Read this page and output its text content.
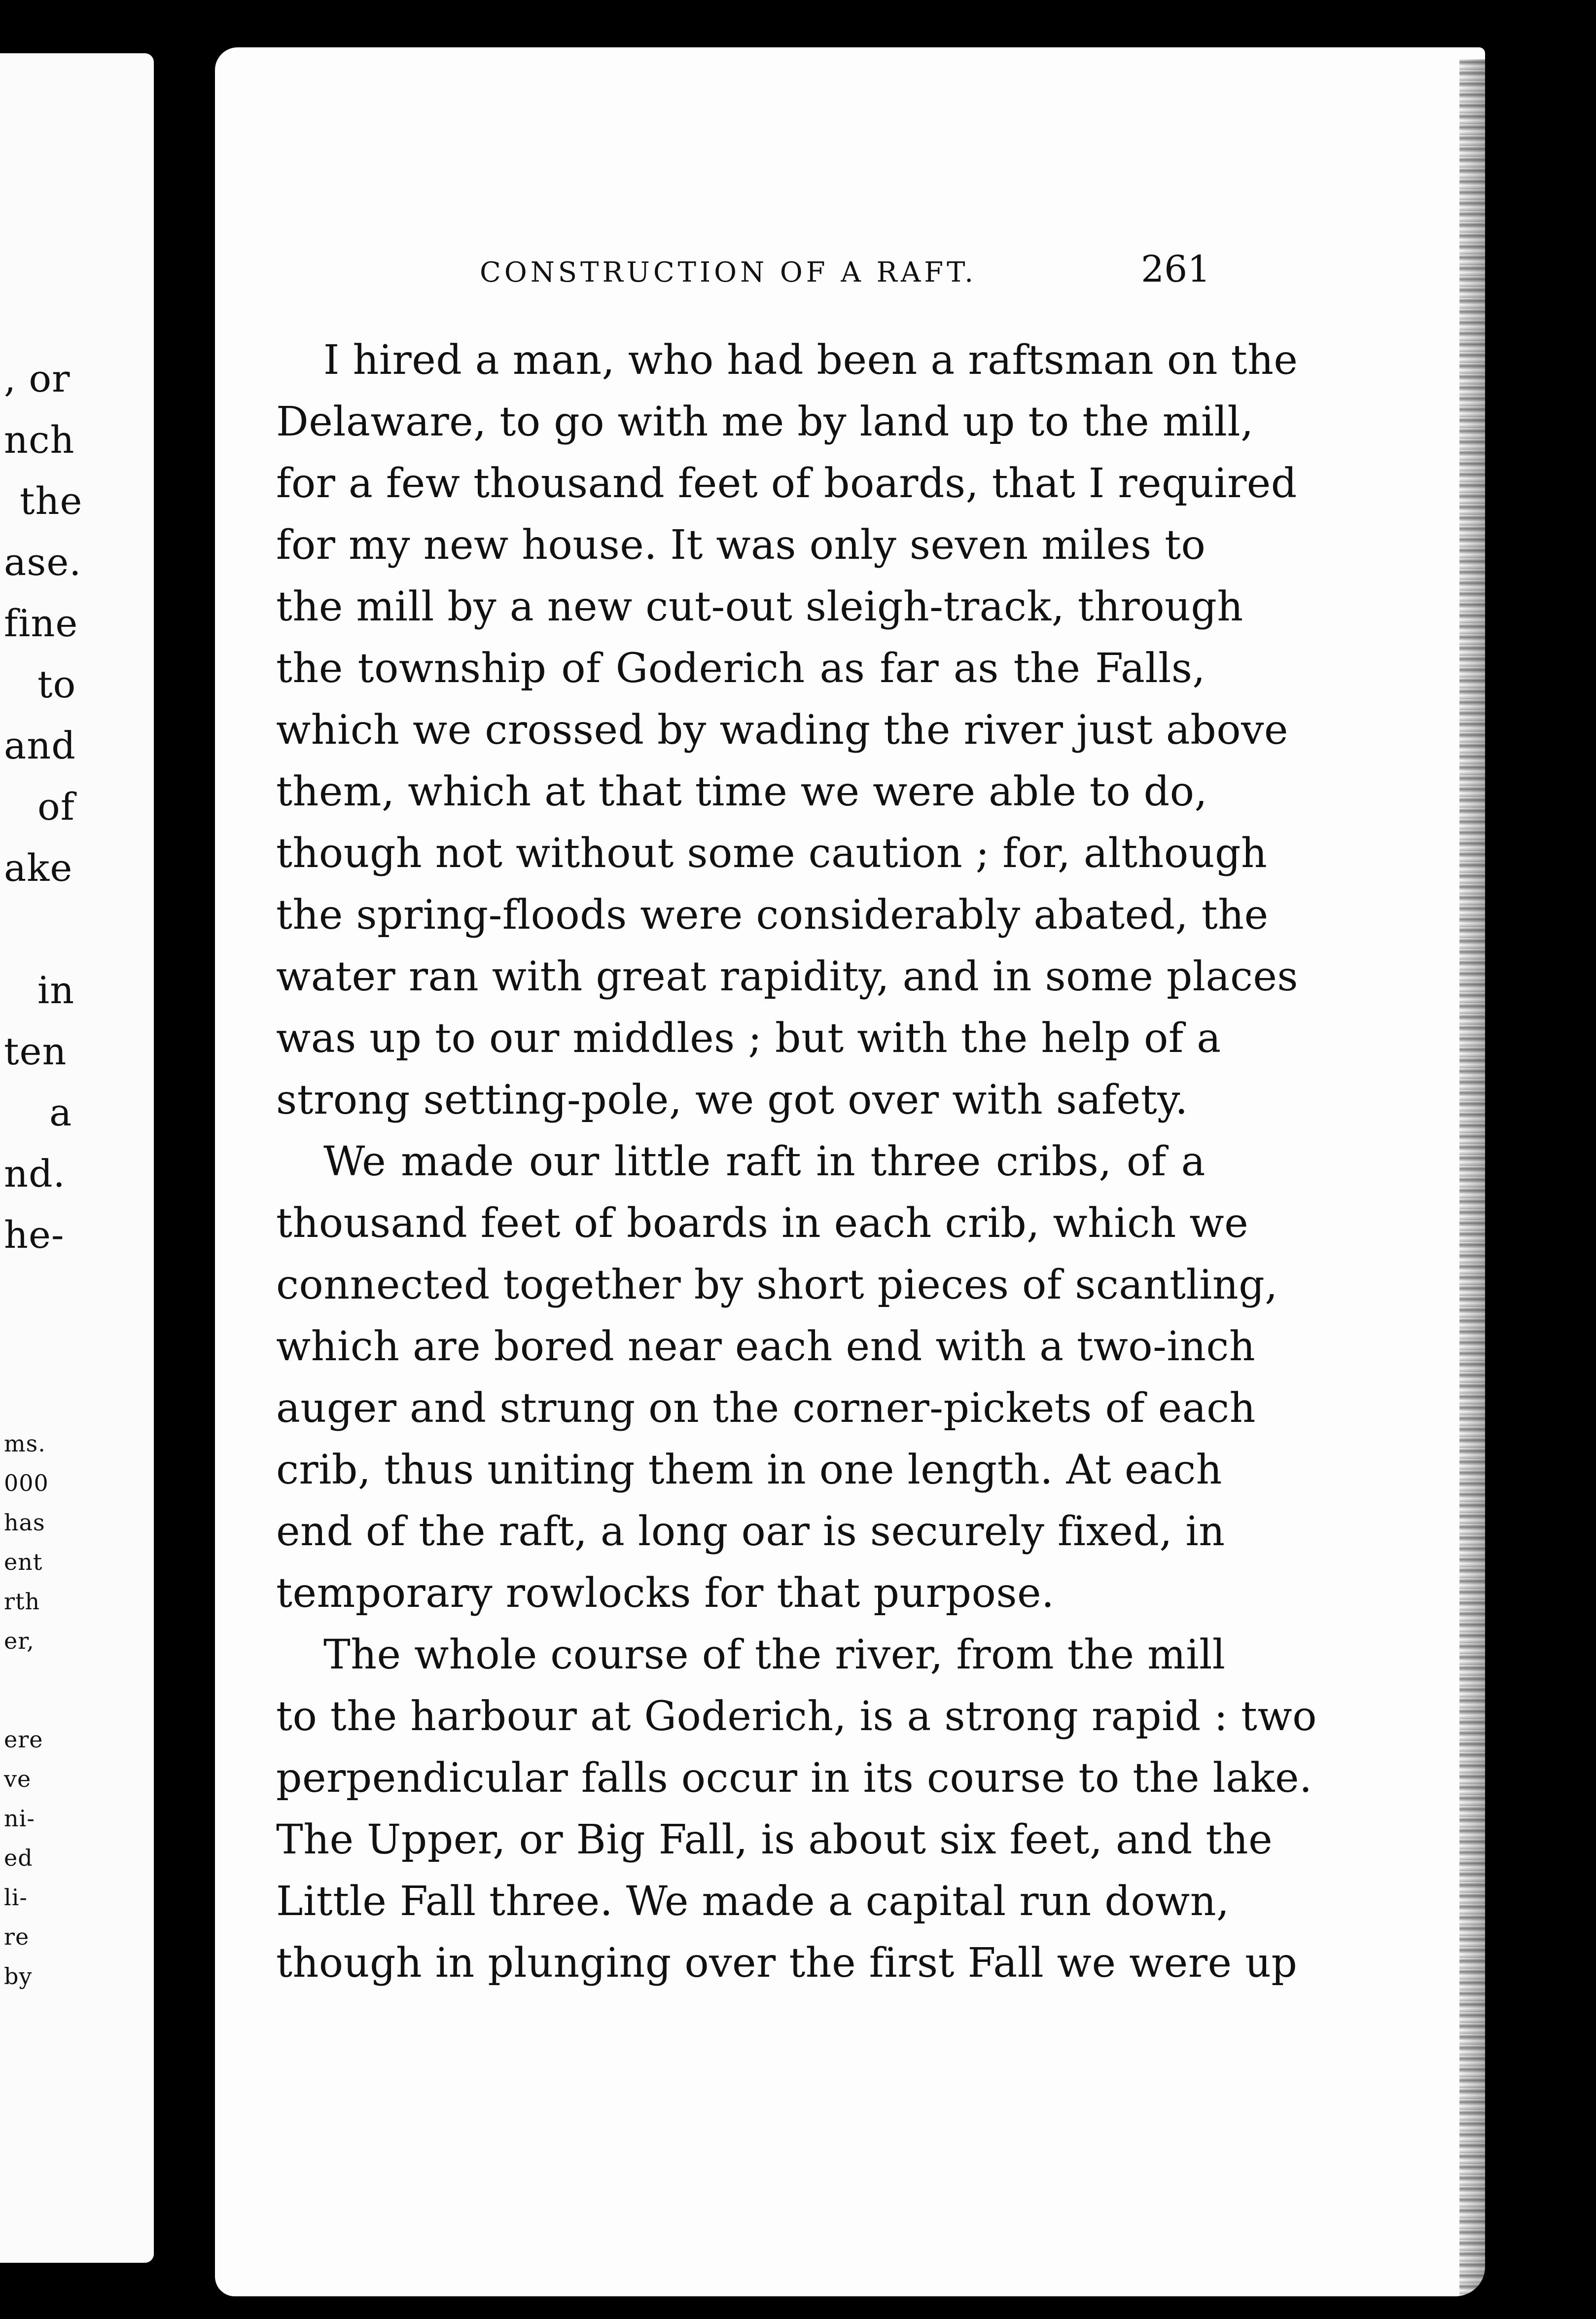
, or
nch
the
ase.
fine
to
and
of
ake
in
ten
a
nd.
he-
ms.
000
has
ent
rth
er,
ere
ve
ni-
ed
li-
re
by
CONSTRUCTION OF A RAFT.	261
I hired a man, who had been a raftsman on the
Delaware, to go with me by land up to the mill,
for a few thousand feet of boards, that I required
for my new house. It was only seven miles to
the mill by a new cut-out sleigh-track, through
the township of Goderich as far as the Falls,
which we crossed by wading the river just above
them, which at that time we were able to do,
though not without some caution ; for, although
the spring-floods were considerably abated, the
water ran with great rapidity, and in some places
was up to our middles ; but with the help of a
strong setting-pole, we got over with safety.
We made our little raft in three cribs, of a
thousand feet of boards in each crib, which we
connected together by short pieces of scantling,
which are bored near each end with a two-inch
auger and strung on the corner-pickets of each
crib, thus uniting them in one length. At each
end of the raft, a long oar is securely fixed, in
temporary rowlocks for that purpose.
The whole course of the river, from the mill
to the harbour at Goderich, is a strong rapid : two
perpendicular falls occur in its course to the lake.
The Upper, or Big Fall, is about six feet, and the
Little Fall three. We made a capital run down,
though in plunging over the first Fall we were up
